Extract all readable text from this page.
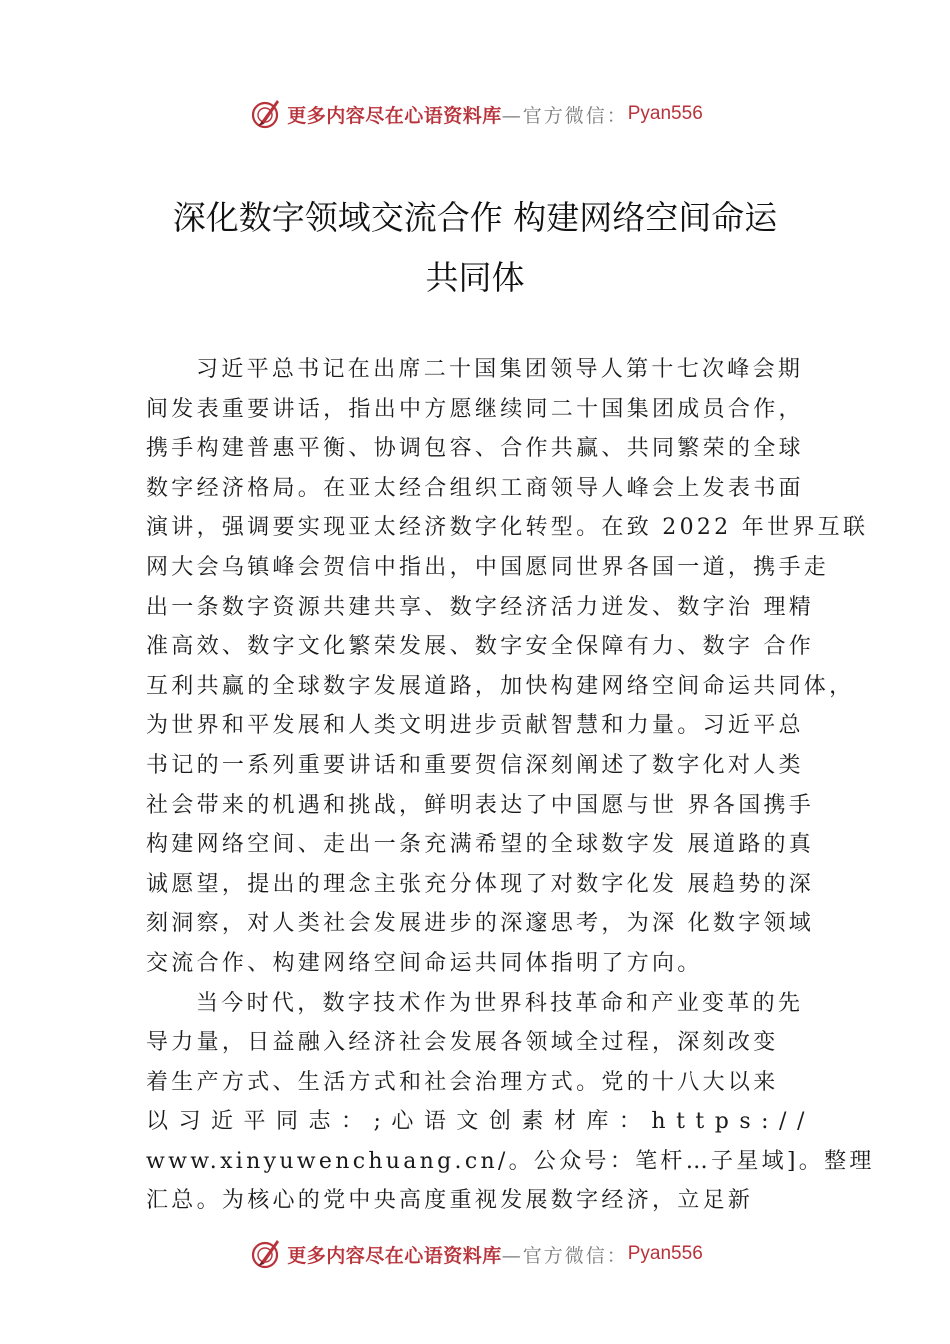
更多内容尽在心语资料库 —官方微信： Pyan556
深化数字领域交流合作 构建网络空间命运
共同体
习近平总书记在出席二十国集团领导人第十七次峰会期
间发表重要讲话，指出中方愿继续同二十国集团成员合作，
携手构建普惠平衡、协调包容、合作共赢、共同繁荣的全球
数字经济格局。在亚太经合组织工商领导人峰会上发表书面
演讲，强调要实现亚太经济数字化转型。在致 2022 年世界互联
网大会乌镇峰会贺信中指出，中国愿同世界各国一道，携手走
出一条数字资源共建共享、数字经济活力迸发、数字治 理精
准高效、数字文化繁荣发展、数字安全保障有力、数字 合作
互利共赢的全球数字发展道路，加快构建网络空间命运共同体，
为世界和平发展和人类文明进步贡献智慧和力量。习近平总
书记的一系列重要讲话和重要贺信深刻阐述了数字化对人类
社会带来的机遇和挑战，鲜明表达了中国愿与世 界各国携手
构建网络空间、走出一条充满希望的全球数字发 展道路的真
诚愿望，提出的理念主张充分体现了对数字化发 展趋势的深
刻洞察，对人类社会发展进步的深邃思考，为深 化数字领域
交流合作、构建网络空间命运共同体指明了方向。
当今时代，数字技术作为世界科技革命和产业变革的先
导力量，日益融入经济社会发展各领域全过程，深刻改变
着生产方式、生活方式和社会治理方式。党的十八大以来
以习近平同志：;心语文创素材库：https://
www.xinyuwenchuang.cn/。公众号：笔杆…子星域]。整理
汇总。为核心的党中央高度重视发展数字经济，立足新
更多内容尽在心语资料库 —官方微信： Pyan556
